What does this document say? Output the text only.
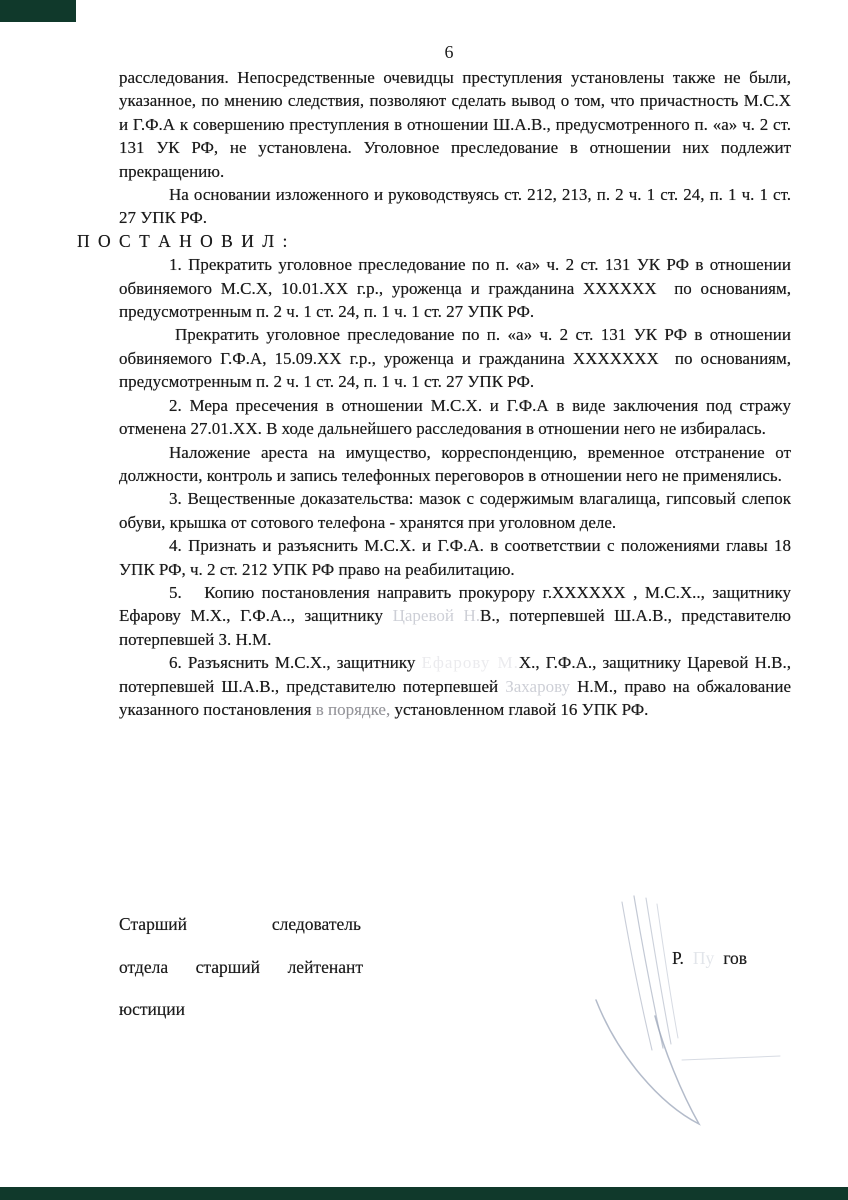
6

расследования. Непосредственные очевидцы преступления установлены также не были, указанное, по мнению следствия, позволяют сделать вывод о том, что причастность М.С.Х и Г.Ф.А к совершению преступления в отношении Ш.А.В., предусмотренного п. «а» ч. 2 ст. 131 УК РФ, не установлена. Уголовное преследование в отношении них подлежит прекращению.

На основании изложенного и руководствуясь ст. 212, 213, п. 2 ч. 1 ст. 24, п. 1 ч. 1 ст. 27 УПК РФ.

П О С Т А Н О В И Л :

1. Прекратить уголовное преследование по п. «а» ч. 2 ст. 131 УК РФ в отношении обвиняемого М.С.Х, 10.01.ХХ г.р., уроженца и гражданина ХХХХХХ  по основаниям, предусмотренным п. 2 ч. 1 ст. 24, п. 1 ч. 1 ст. 27 УПК РФ.

Прекратить уголовное преследование по п. «а» ч. 2 ст. 131 УК РФ в отношении обвиняемого Г.Ф.А, 15.09.ХХ г.р., уроженца и гражданина ХХХХХХХ  по основаниям, предусмотренным п. 2 ч. 1 ст. 24, п. 1 ч. 1 ст. 27 УПК РФ.

2. Мера пресечения в отношении М.С.Х. и Г.Ф.А в виде заключения под стражу отменена 27.01.ХХ. В ходе дальнейшего расследования в отношении него не избиралась.

Наложение ареста на имущество, корреспонденцию, временное отстранение от должности, контроль и запись телефонных переговоров в отношении него не применялись.

3. Вещественные доказательства: мазок с содержимым влагалища, гипсовый слепок обуви, крышка от сотового телефона - хранятся при уголовном деле.

4. Признать и разъяснить М.С.Х. и Г.Ф.А. в соответствии с положениями главы 18 УПК РФ, ч. 2 ст. 212 УПК РФ право на реабилитацию.

5.   Копию постановления направить прокурору г.ХХХХХХ , М.С.Х.., защитнику Ефарову М.Х., Г.Ф.А.., защитнику Царевой Н.В., потерпевшей Ш.А.В., представителю потерпевшей З. Н.М.

6. Разъяснить М.С.Х., защитнику Ефарову М.Х., Г.Ф.А., защитнику Царевой Н.В., потерпевшей Ш.А.В., представителю потерпевшей Захарову Н.М., право на обжалование указанного постановления в порядке, установленном главой 16 УПК РФ.

Старший	следователь
отдела старший лейтенант
юстиции
Р. Пу гов
